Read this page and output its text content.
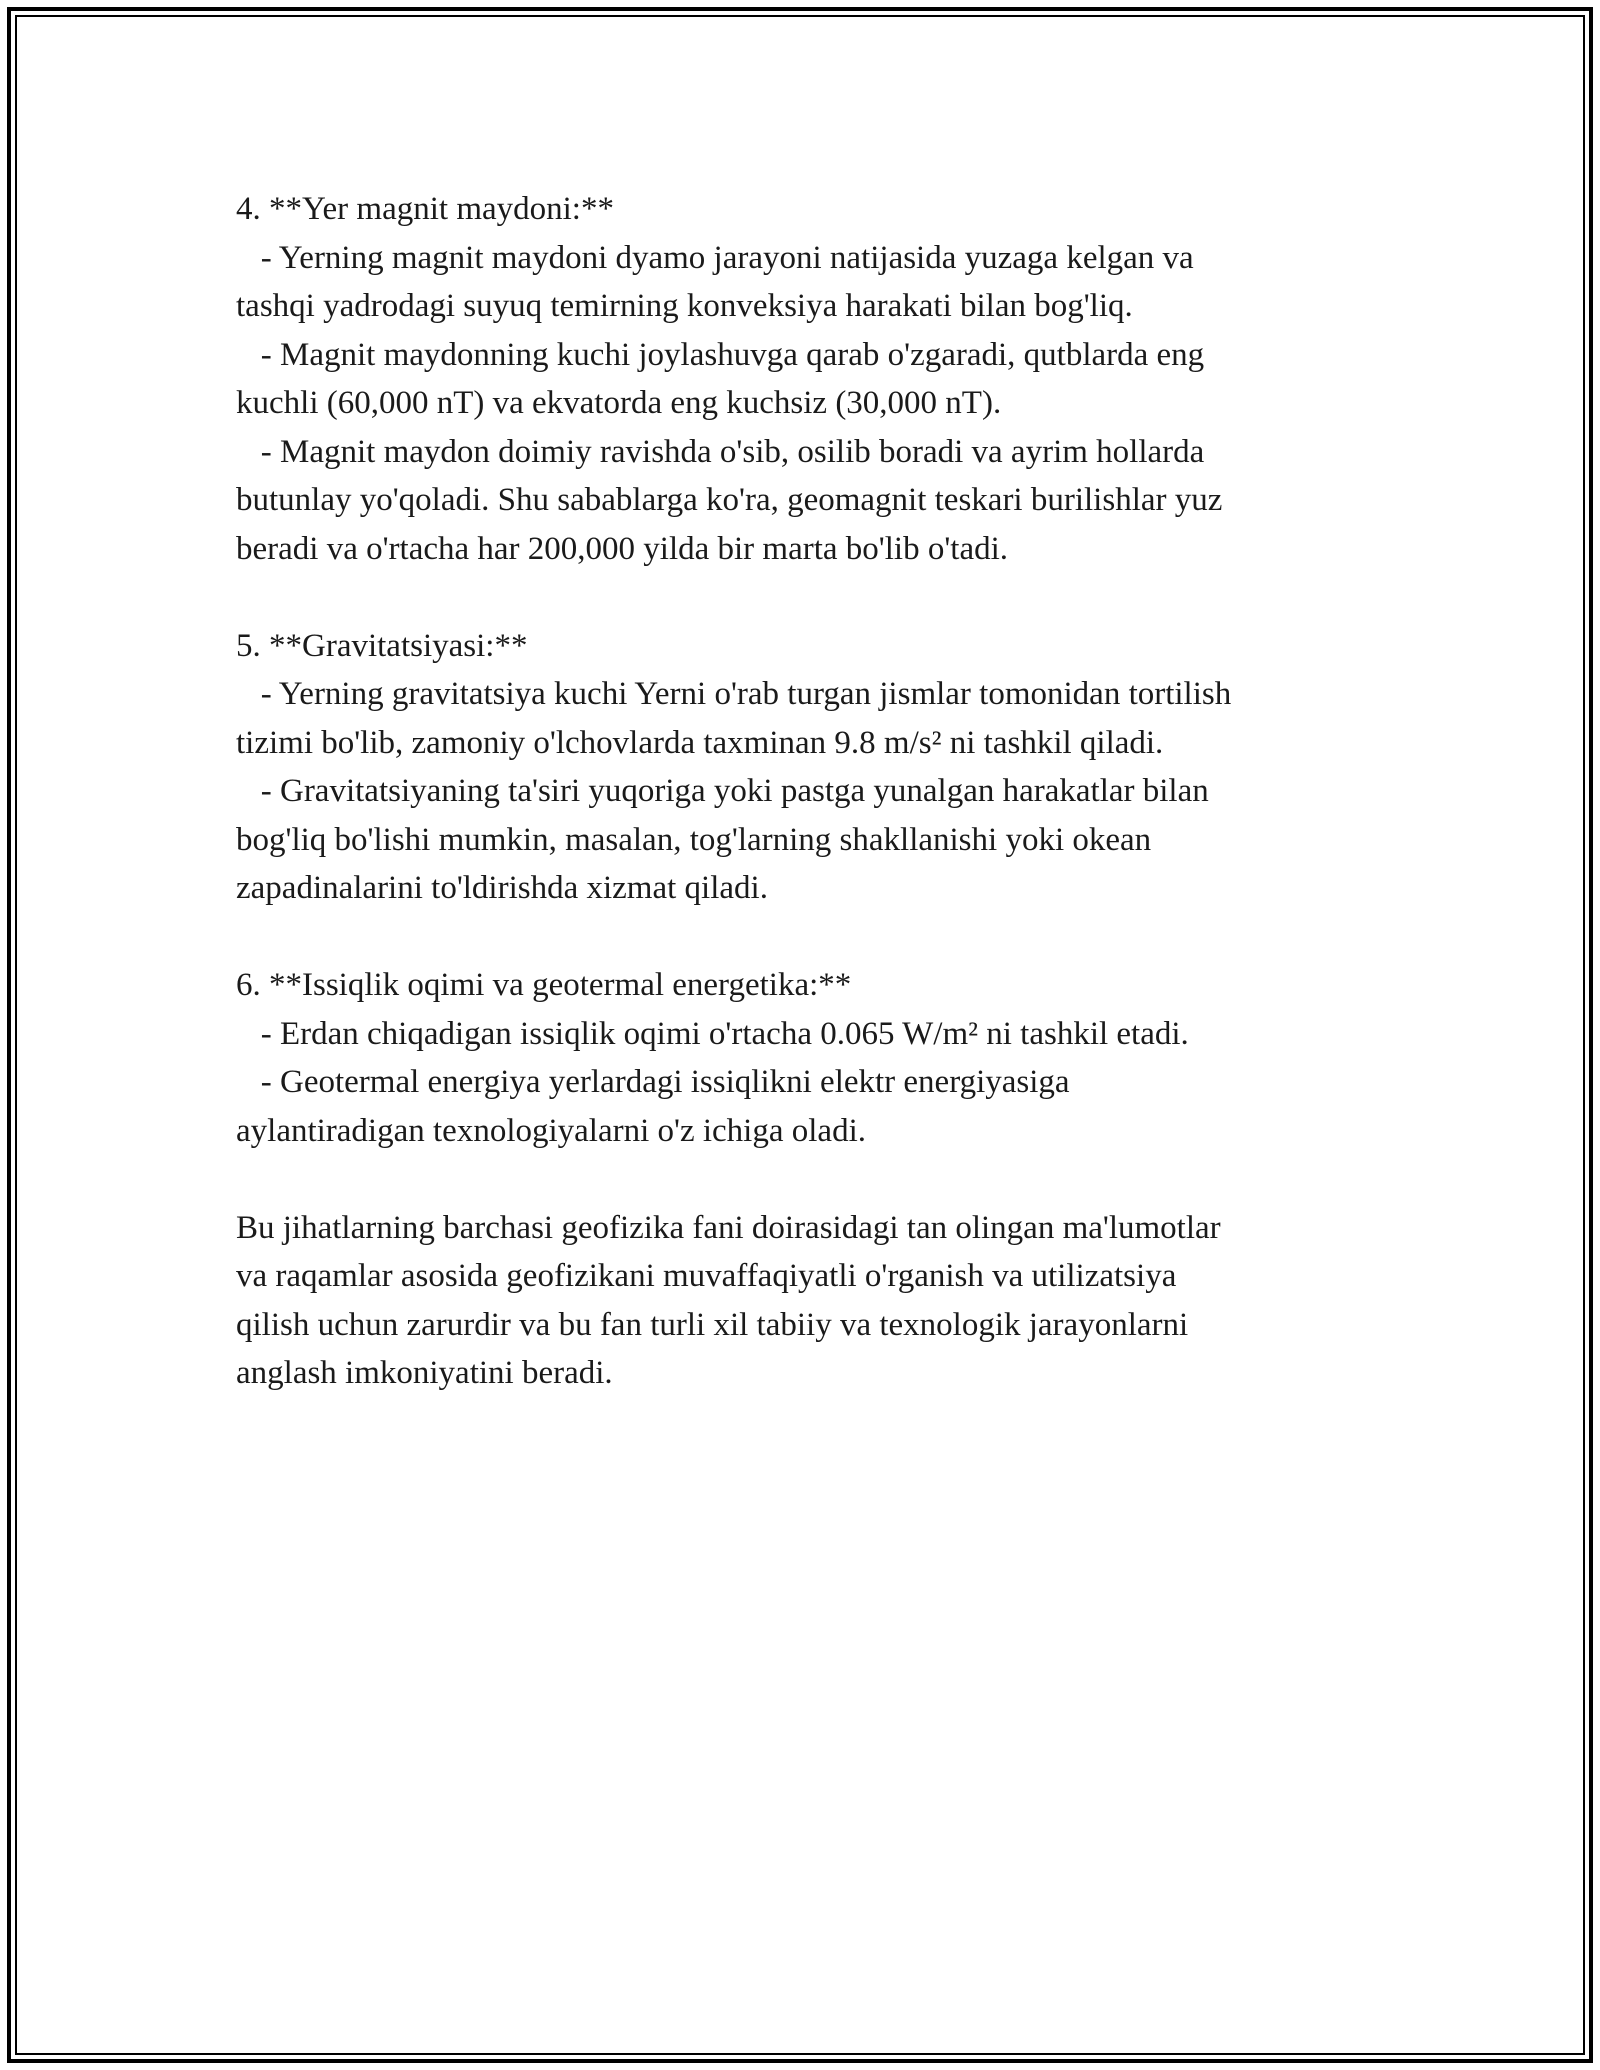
4. **Yer magnit maydoni:**
- Yerning magnit maydoni dyamo jarayoni natijasida yuzaga kelgan va
tashqi yadrodagi suyuq temirning konveksiya harakati bilan bog'liq.
- Magnit maydonning kuchi joylashuvga qarab o'zgaradi, qutblarda eng
kuchli (60,000 nT) va ekvatorda eng kuchsiz (30,000 nT).
- Magnit maydon doimiy ravishda o'sib, osilib boradi va ayrim hollarda
butunlay yo'qoladi. Shu sabablarga ko'ra, geomagnit teskari burilishlar yuz
beradi va o'rtacha har 200,000 yilda bir marta bo'lib o'tadi.
5. **Gravitatsiyasi:**
- Yerning gravitatsiya kuchi Yerni o'rab turgan jismlar tomonidan tortilish
tizimi bo'lib, zamoniy o'lchovlarda taxminan 9.8 m/s² ni tashkil qiladi.
- Gravitatsiyaning ta'siri yuqoriga yoki pastga yunalgan harakatlar bilan
bog'liq bo'lishi mumkin, masalan, tog'larning shakllanishi yoki okean
zapadinalarini to'ldirishda xizmat qiladi.
6. **Issiqlik oqimi va geotermal energetika:**
- Erdan chiqadigan issiqlik oqimi o'rtacha 0.065 W/m² ni tashkil etadi.
- Geotermal energiya yerlardagi issiqlikni elektr energiyasiga
aylantiradigan texnologiyalarni o'z ichiga oladi.
Bu jihatlarning barchasi geofizika fani doirasidagi tan olingan ma'lumotlar
va raqamlar asosida geofizikani muvaffaqiyatli o'rganish va utilizatsiya
qilish uchun zarurdir va bu fan turli xil tabiiy va texnologik jarayonlarni
anglash imkoniyatini beradi.
